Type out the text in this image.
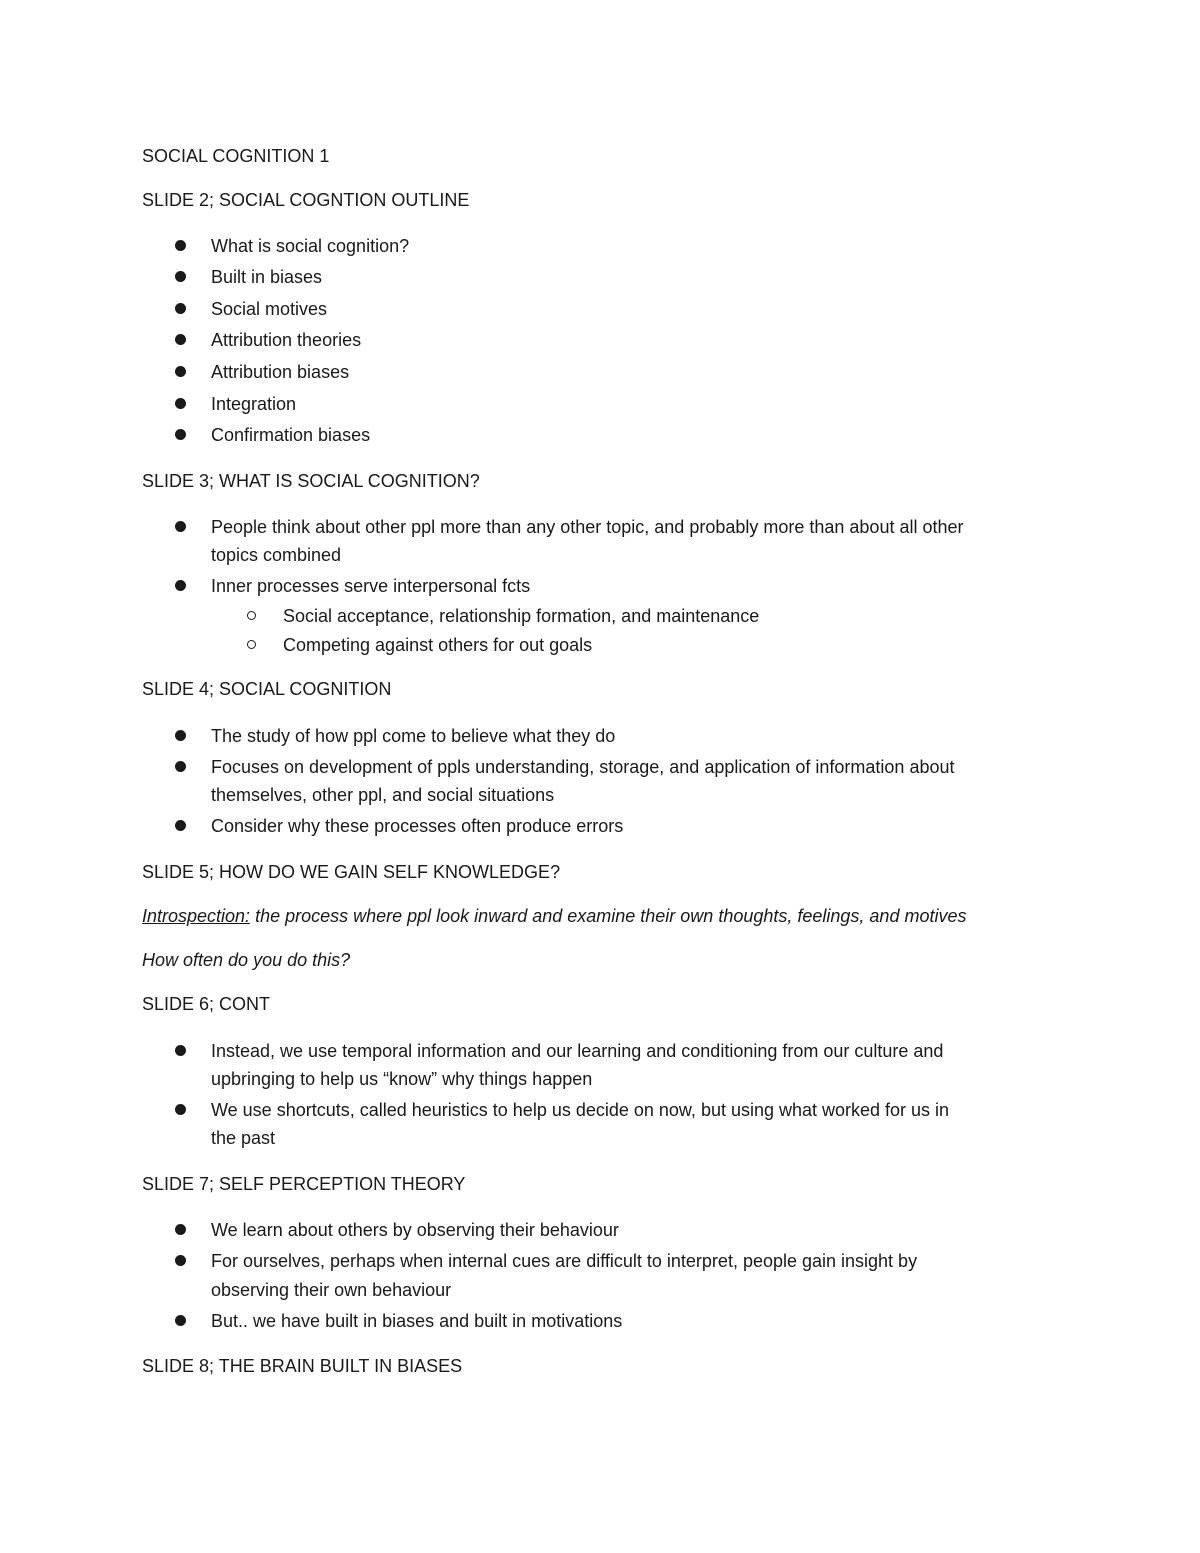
SOCIAL COGNITION 1
SLIDE 2; SOCIAL COGNTION OUTLINE
What is social cognition?
Built in biases
Social motives
Attribution theories
Attribution biases
Integration
Confirmation biases
SLIDE 3; WHAT IS SOCIAL COGNITION?
People think about other ppl more than any other topic, and probably more than about all other
topics combined
Inner processes serve interpersonal fcts
Social acceptance, relationship formation, and maintenance
Competing against others for out goals
SLIDE 4; SOCIAL COGNITION
The study of how ppl come to believe what they do
Focuses on development of ppls understanding, storage, and application of information about
themselves, other ppl, and social situations
Consider why these processes often produce errors
SLIDE 5; HOW DO WE GAIN SELF KNOWLEDGE?
Introspection: the process where ppl look inward and examine their own thoughts, feelings, and motives
How often do you do this?
SLIDE 6; CONT
Instead, we use temporal information and our learning and conditioning from our culture and
upbringing to help us “know” why things happen
We use shortcuts, called heuristics to help us decide on now, but using what worked for us in
the past
SLIDE 7; SELF PERCEPTION THEORY
We learn about others by observing their behaviour
For ourselves, perhaps when internal cues are difficult to interpret, people gain insight by
observing their own behaviour
But.. we have built in biases and built in motivations
SLIDE 8; THE BRAIN BUILT IN BIASES
